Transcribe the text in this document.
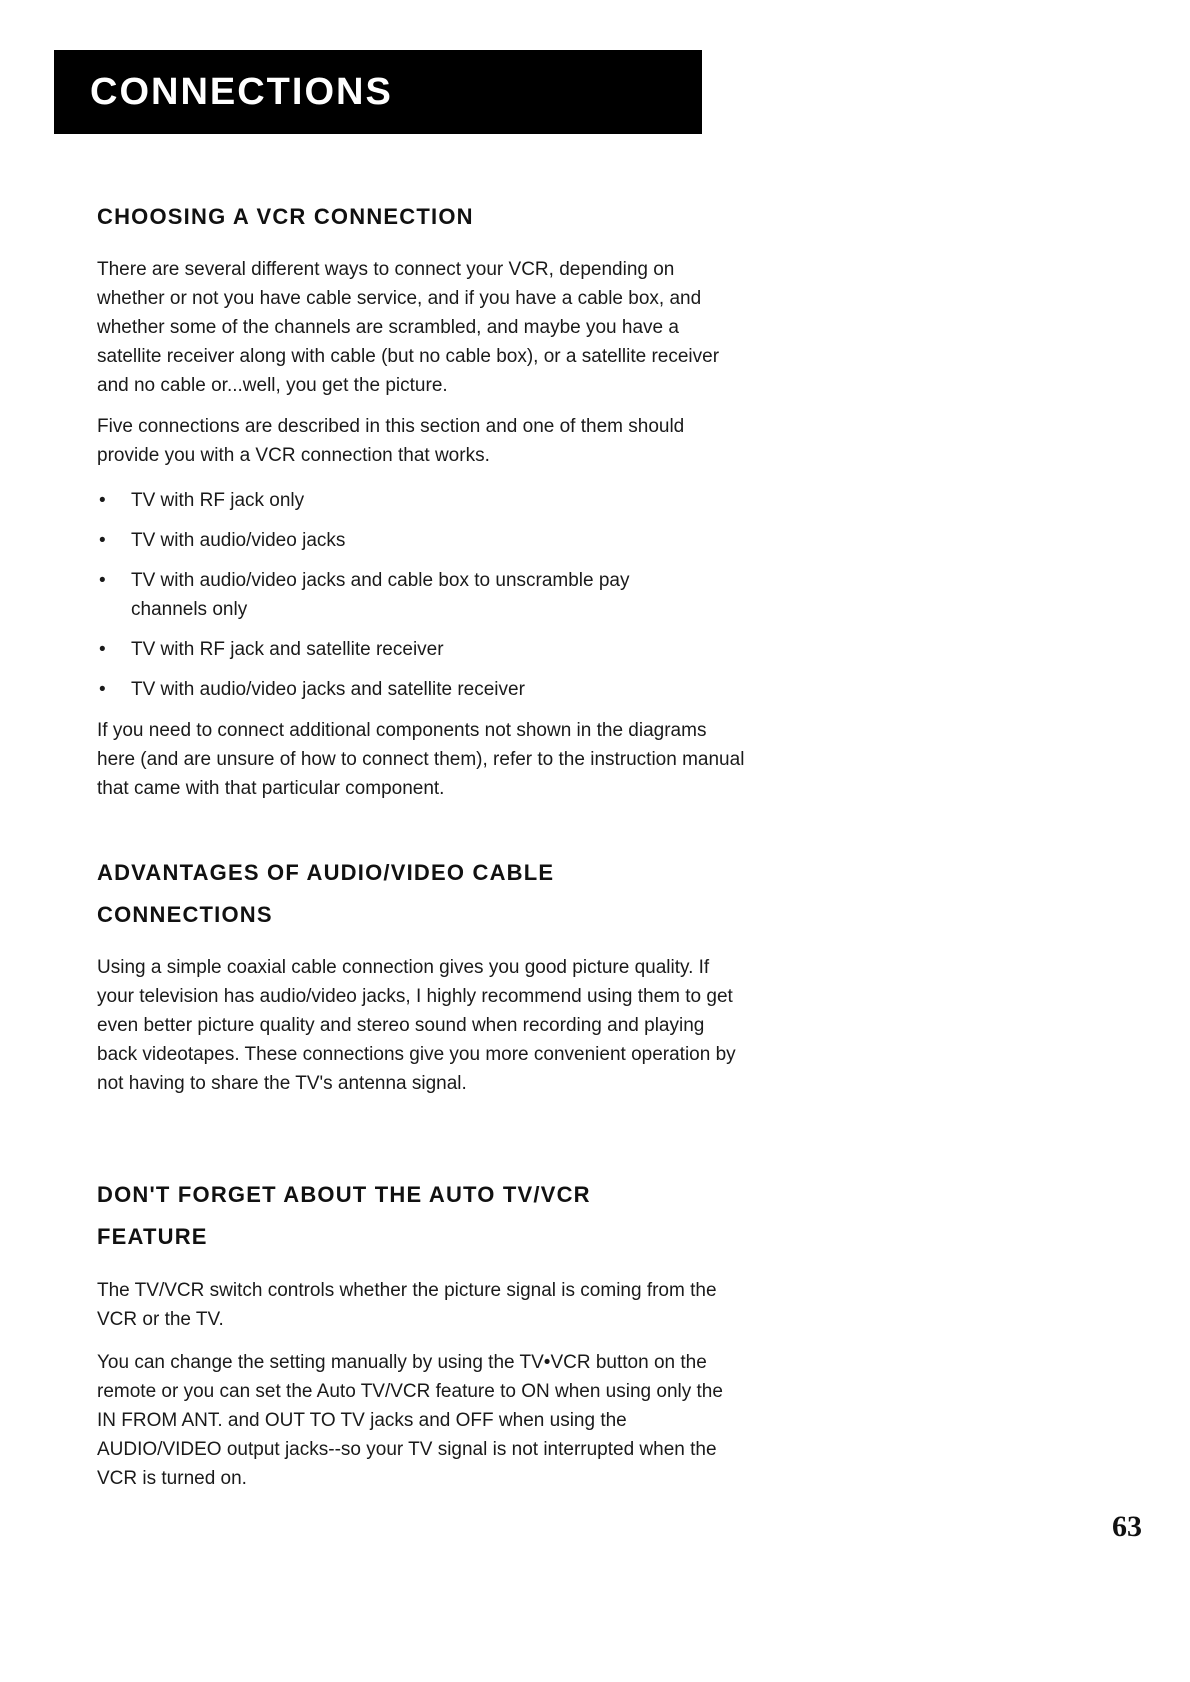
CONNECTIONS
CHOOSING A VCR CONNECTION

There are several different ways to connect your VCR, depending on whether or not you have cable service, and if you have a cable box, and whether some of the channels are scrambled, and maybe you have a satellite receiver along with cable (but no cable box), or a satellite receiver and no cable or...well, you get the picture.

Five connections are described in this section and one of them should provide you with a VCR connection that works.

• TV with RF jack only
• TV with audio/video jacks
• TV with audio/video jacks and cable box to unscramble pay channels only
• TV with RF jack and satellite receiver
• TV with audio/video jacks and satellite receiver

If you need to connect additional components not shown in the diagrams here (and are unsure of how to connect them), refer to the instruction manual that came with that particular component.

ADVANTAGES OF AUDIO/VIDEO CABLE
CONNECTIONS

Using a simple coaxial cable connection gives you good picture quality. If your television has audio/video jacks, I highly recommend using them to get even better picture quality and stereo sound when recording and playing back videotapes. These connections give you more convenient operation by not having to share the TV's antenna signal.

DON'T FORGET ABOUT THE AUTO TV/VCR
FEATURE

The TV/VCR switch controls whether the picture signal is coming from the VCR or the TV.

You can change the setting manually by using the TV•VCR button on the remote or you can set the Auto TV/VCR feature to ON when using only the IN FROM ANT. and OUT TO TV jacks and OFF when using the AUDIO/VIDEO output jacks--so your TV signal is not interrupted when the VCR is turned on.

63
